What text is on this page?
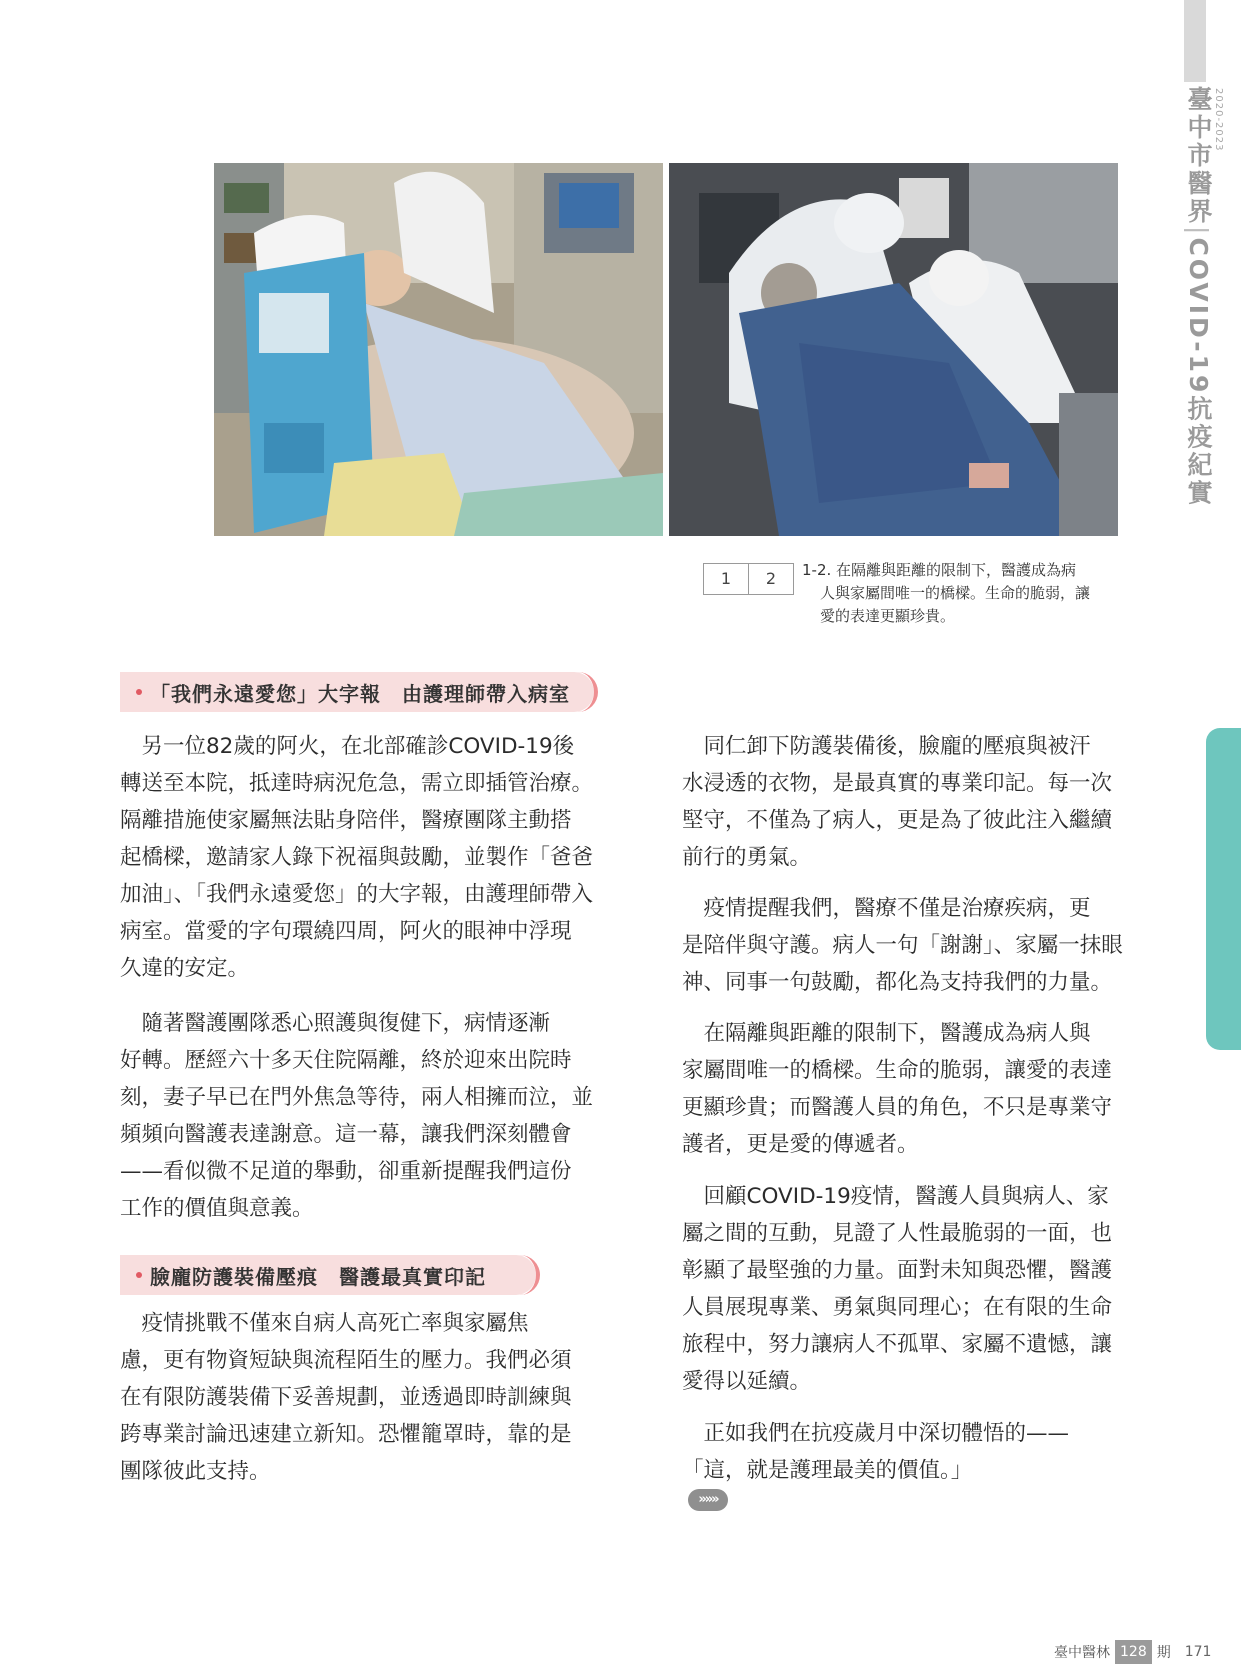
臺中市醫界|COVID-19抗疫紀實
2020-2023
1	2	1-2. 在隔離與距離的限制下，醫護成為病

人與家屬間唯一的橋樑。生命的脆弱，讓
愛的表達更顯珍貴。
「我們永遠愛您」大字報　由護理師帶入病室

　另一位82歲的阿火，在北部確診COVID-19後
轉送至本院，抵達時病況危急，需立即插管治療。
隔離措施使家屬無法貼身陪伴，醫療團隊主動搭
起橋樑，邀請家人錄下祝福與鼓勵，並製作「爸爸
加油」、「我們永遠愛您」的大字報，由護理師帶入
病室。當愛的字句環繞四周，阿火的眼神中浮現
久違的安定。

　隨著醫護團隊悉心照護與復健下，病情逐漸
好轉。歷經六十多天住院隔離，終於迎來出院時
刻，妻子早已在門外焦急等待，兩人相擁而泣，並
頻頻向醫護表達謝意。這一幕，讓我們深刻體會
——看似微不足道的舉動，卻重新提醒我們這份
工作的價值與意義。

臉龐防護裝備壓痕　醫護最真實印記

　疫情挑戰不僅來自病人高死亡率與家屬焦
慮，更有物資短缺與流程陌生的壓力。我們必須
在有限防護裝備下妥善規劃，並透過即時訓練與
跨專業討論迅速建立新知。恐懼籠罩時，靠的是
團隊彼此支持。

　同仁卸下防護裝備後，臉龐的壓痕與被汗
水浸透的衣物，是最真實的專業印記。每一次
堅守，不僅為了病人，更是為了彼此注入繼續
前行的勇氣。

　疫情提醒我們，醫療不僅是治療疾病，更
是陪伴與守護。病人一句「謝謝」、家屬一抹眼
神、同事一句鼓勵，都化為支持我們的力量。

　在隔離與距離的限制下，醫護成為病人與
家屬間唯一的橋樑。生命的脆弱，讓愛的表達
更顯珍貴；而醫護人員的角色，不只是專業守
護者，更是愛的傳遞者。

　回顧COVID-19疫情，醫護人員與病人、家
屬之間的互動，見證了人性最脆弱的一面，也
彰顯了最堅強的力量。面對未知與恐懼，醫護
人員展現專業、勇氣與同理心；在有限的生命
旅程中，努力讓病人不孤單、家屬不遺憾，讓
愛得以延續。

　正如我們在抗疫歲月中深切體悟的——
「這，就是護理最美的價值。」
»»»

臺中醫林 128 期 171
